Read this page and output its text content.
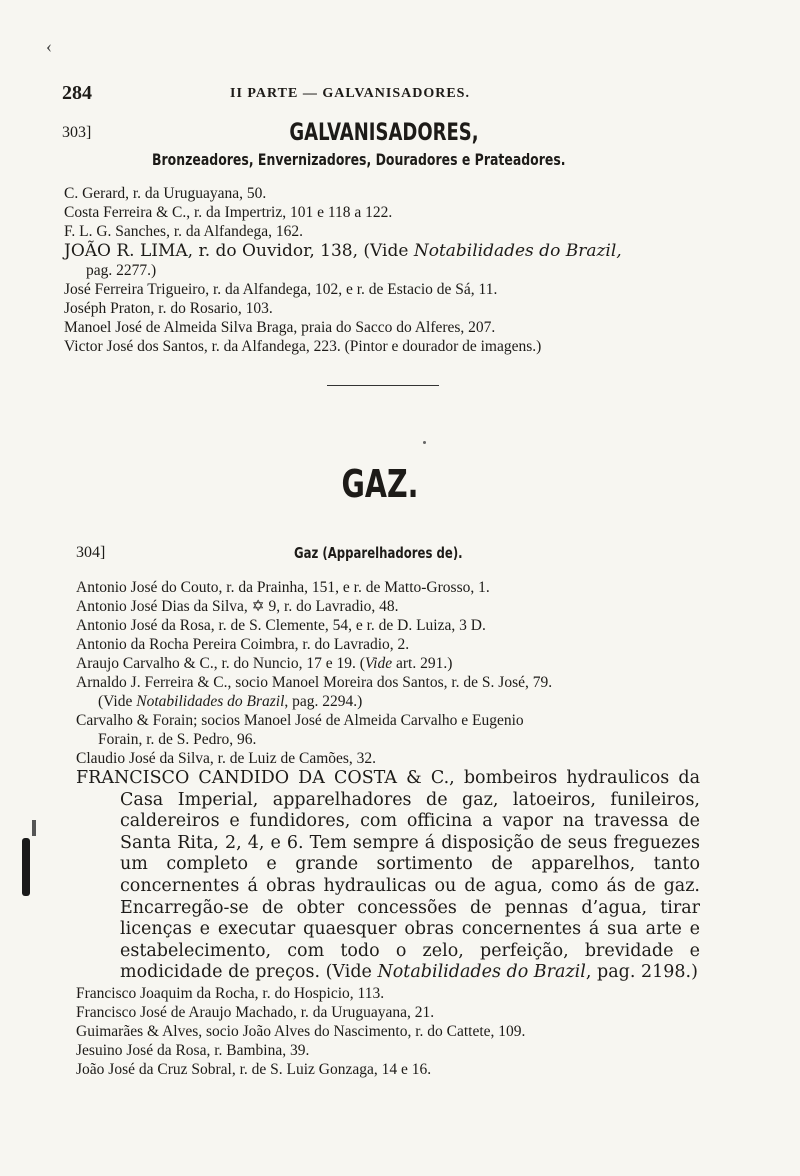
‹
284	II PARTE — GALVANISADORES.
303]	GALVANISADORES,
Bronzeadores, Envernizadores, Douradores e Prateadores.
C. Gerard, r. da Uruguayana, 50.
Costa Ferreira & C., r. da Impertriz, 101 e 118 a 122.
F. L. G. Sanches, r. da Alfandega, 162.
JOÃO R. LIMA, r. do Ouvidor, 138, (Vide Notabilidades do Brazil,
pag. 2277.)
José Ferreira Trigueiro, r. da Alfandega, 102, e r. de Estacio de Sá, 11.
Joséph Praton, r. do Rosario, 103.
Manoel José de Almeida Silva Braga, praia do Sacco do Alferes, 207.
Victor José dos Santos, r. da Alfandega, 223. (Pintor e dourador de imagens.)
GAZ.
304]	Gaz (Apparelhadores de).
Antonio José do Couto, r. da Prainha, 151, e r. de Matto-Grosso, 1.
Antonio José Dias da Silva, ✡ 9, r. do Lavradio, 48.
Antonio José da Rosa, r. de S. Clemente, 54, e r. de D. Luiza, 3 D.
Antonio da Rocha Pereira Coimbra, r. do Lavradio, 2.
Araujo Carvalho & C., r. do Nuncio, 17 e 19. (Vide art. 291.)
Arnaldo J. Ferreira & C., socio Manoel Moreira dos Santos, r. de S. José, 79.
(Vide Notabilidades do Brazil, pag. 2294.)
Carvalho & Forain; socios Manoel José de Almeida Carvalho e Eugenio
Forain, r. de S. Pedro, 96.
Claudio José da Silva, r. de Luiz de Camões, 32.
FRANCISCO CANDIDO DA COSTA & C., bombeiros hydraulicos da Casa Imperial, apparelhadores de gaz, latoeiros, funileiros, caldereiros e fundidores, com officina a vapor na travessa de Santa Rita, 2, 4, e 6. Tem sempre á disposição de seus freguezes um completo e grande sortimento de apparelhos, tanto concernentes á obras hydraulicas ou de agua, como ás de gaz. Encarregão-se de obter concessões de pennas d’agua, tirar licenças e executar quaesquer obras concernentes á sua arte e estabelecimento, com todo o zelo, perfeição, brevidade e modicidade de preços. (Vide Notabilidades do Brazil, pag. 2198.)
Francisco Joaquim da Rocha, r. do Hospicio, 113.
Francisco José de Araujo Machado, r. da Uruguayana, 21.
Guimarães & Alves, socio João Alves do Nascimento, r. do Cattete, 109.
Jesuino José da Rosa, r. Bambina, 39.
João José da Cruz Sobral, r. de S. Luiz Gonzaga, 14 e 16.
